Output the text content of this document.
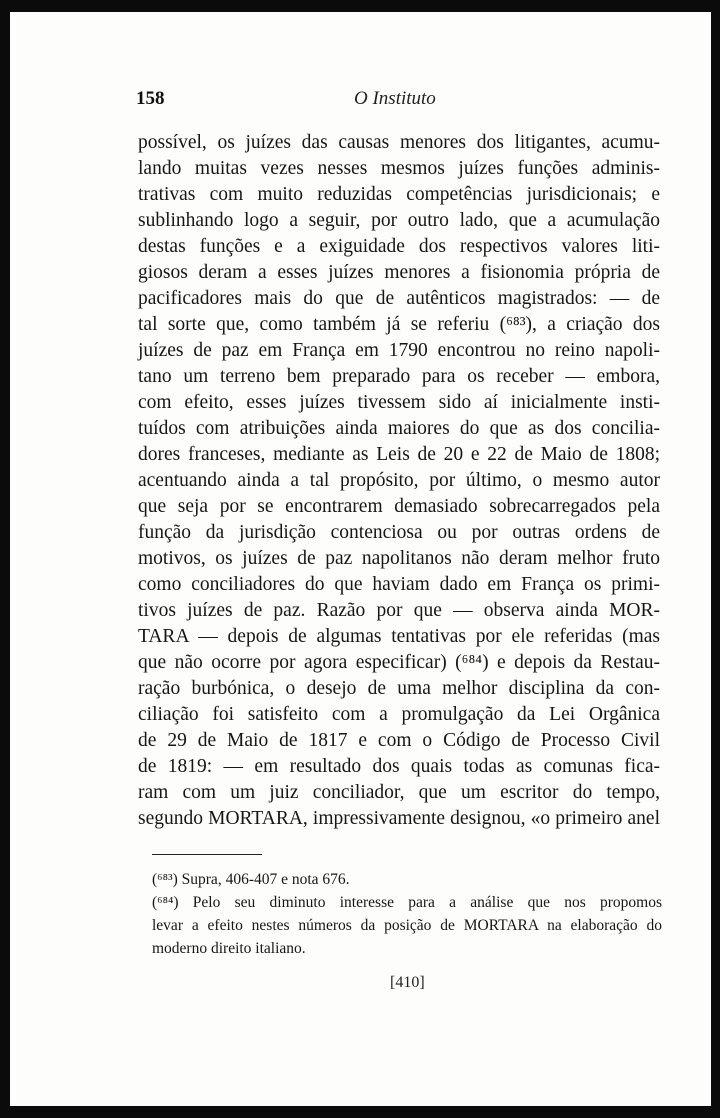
158	O Instituto
possível, os juízes das causas menores dos litigantes, acumu-
lando muitas vezes nesses mesmos juízes funções adminis-
trativas com muito reduzidas competências jurisdicionais; e
sublinhando logo a seguir, por outro lado, que a acumulação
destas funções e a exiguidade dos respectivos valores liti-
giosos deram a esses juízes menores a fisionomia própria de
pacificadores mais do que de autênticos magistrados: — de
tal sorte que, como também já se referiu (⁶⁸³), a criação dos
juízes de paz em França em 1790 encontrou no reino napoli-
tano um terreno bem preparado para os receber — embora,
com efeito, esses juízes tivessem sido aí inicialmente insti-
tuídos com atribuições ainda maiores do que as dos concilia-
dores franceses, mediante as Leis de 20 e 22 de Maio de 1808;
acentuando ainda a tal propósito, por último, o mesmo autor
que seja por se encontrarem demasiado sobrecarregados pela
função da jurisdição contenciosa ou por outras ordens de
motivos, os juízes de paz napolitanos não deram melhor fruto
como conciliadores do que haviam dado em França os primi-
tivos juízes de paz. Razão por que — observa ainda MOR-
TARA — depois de algumas tentativas por ele referidas (mas
que não ocorre por agora especificar) (⁶⁸⁴) e depois da Restau-
ração burbónica, o desejo de uma melhor disciplina da con-
ciliação foi satisfeito com a promulgação da Lei Orgânica
de 29 de Maio de 1817 e com o Código de Processo Civil
de 1819: — em resultado dos quais todas as comunas fica-
ram com um juiz conciliador, que um escritor do tempo,
segundo MORTARA, impressivamente designou, «o primeiro anel
(⁶⁸³) Supra, 406-407 e nota 676.
(⁶⁸⁴) Pelo seu diminuto interesse para a análise que nos propomos
levar a efeito nestes números da posição de MORTARA na elaboração do
moderno direito italiano.
[410]
